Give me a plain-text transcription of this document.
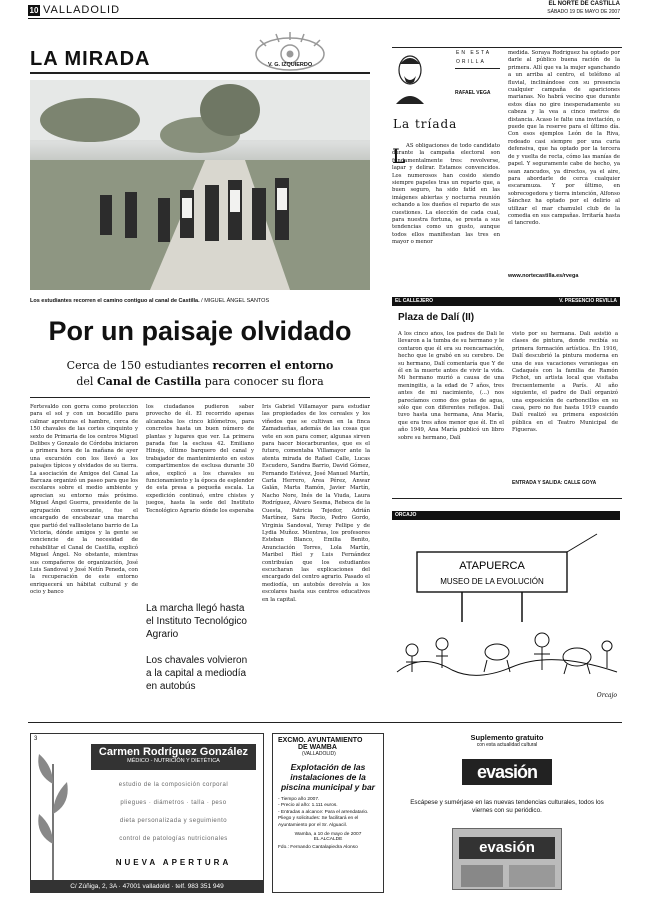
10 VALLADOLID	EL NORTE DE CASTILLA
SÁBADO 19 DE MAYO DE 2007
LA MIRADA	V. G. IZQUIERDO
Los estudiantes recorren el camino contiguo al canal de Castilla. / MIGUEL ÁNGEL SANTOS
Por un paisaje olvidado
Cerca de 150 estudiantes recorren el entorno
del Canal de Castilla para conocer su flora
Fertevaldo con gorra como protección para el sol y con un bocadillo para calmar apreturas el hambre, cerca de 150 chavales de las cortes cinquinto y sexto de Primaria de los centros Miguel Delibes y Gonzalo de Córdoba iniciaron a primera hora de la mañana de ayer una excursión con los llevó a los paisajes típicos y olvidados de su tierra. La asociación de Amigos del Canal La Barcaza organizó un paseo para que los escolares sobre el medio ambiente y aprecian su entorno más próximo. Miguel Ángel Guerra, presidente de la agrupación convocante, fue el encargado de encabezar una marcha que partió del vallisoletano barrio de La Victoria, dónde amigos y la gente se conciencie de la necesidad de rehabilitar el Canal de Castilla, explicó Miguel Ángel. No obstante, mientras sus compañeros de organización, José Luis Sandoval y José Netín Peneda, con la recuperación de este entorno enriquecerá un hábitat cultural y de ocio y banco
los ciudadanos pudieron saber provecho de él. El recorrido apenas alcanzaba los cinco kilómetros, para concretos hasta un buen número de plantas y lugares que ver. La primera parada fue la esclusa 42. Emiliano Hinojo, último barquero del canal y trabajador de mantenimiento en estos compartimentos de esclusa durante 30 años, explicó a los chavales su funcionamiento y la época de esplendor de esta presa a pequeña escala. La expedición continuó, entre chistes y juegos, hasta la sede del Instituto Tecnológico Agrario dónde los esperaba
La marcha llegó hasta el Instituto Tecnológico Agrario
Los chavales volvieron a la capital a mediodía en autobús
Iris Gabriel Villamayor para estudiar las propiedades de los cereales y los viñedos que se cultivan en la finca Zamadueñas, además de las cosas que vete en son para comer, algunas sirven para hacer biocarburantes, que es el futuro, comentaba Villamayor ante la atenta mirada de Rafael Calle, Lucas Escudero, Sandra Barrio, David Gómez, Fernando Estévez, José Manuel Martín, Carla Herrero, Area Pérez, Anwar Galán, Marta Ramón, Javier Martín, Nacho Nore, Inés de la Viuda, Laura Rodríguez, Álvaro Sesma, Rebeca de la Cuesta, Patricia Tejedor, Adrián Martínez, Sara Recio, Pedro Gordo, Virginia Sandoval, Yeray Fellipe y de Lydia Muñoz. Mientras, los profesores Esteban Blanco, Emilia Benito, Anunciación Torres, Lola Martín, Maribel Ríel y Luis Fernández contribuían que los estudiantes escucharan las explicaciones del encargado del centro agrario. Pasado el mediodía, un autobús devolvía a los escolares hasta sus centros educativos en la capital.
EN ESTA
ORILLA
RAFAEL VEGA
La tríada
L AS obligaciones de todo candidato durante la campaña electoral son fundamentalmente tres: revolverse, lapar y delirar. Estamos convencidos. Los numerosos han cosido siendo siempre papeles tras un reparto que, a buen seguro, ha sido fatíd en las imágenes abiertas y nocturna reunión echando a los dueños el reparto de sus cuestiones. La elección de cada cual, para nuestra fortuna, se presta a sus tendencias como un gusto, aunque todos ellos manifiestan las tres en mayor o menor
medida. Soraya Rodríguez ha optado por darle al público buena ración de la primera. Allí que va la mujer sganchando a un arriba al centro, el teléfono al fluvial, inclinándose con su presencia cualquier campaña de apariciones marianas. No habrá vecino que durante estos días no gire inesperadamente su cabeza y la vea a cinco metros de distancia. Acaso le falte una invitación, o puede que la reserve para el último día. Con esos ejemplos León de la Riva, rodeado casi siempre por una curia defensiva, que ha optado por la tercera de y vuelta de recta, cómo las manías de papel. Y seguramente cabe de hecho, ya sean zancudos, ya directos, ya el aire, para abordarle de cerca cualquier escaramuza. Y por último, en sobrecogedora y tierra intención, Alfonso Sánchez ha optado por el delirio al utilizar el mar chamulel club de la comedia en sus campañas. Irritaría hasta el tancredo.
www.nortecastilla.es/rvega
V. PRESENCIO REVILLA
EL CALLEJERO
Plaza de Dalí (II)
A los cinco años, los padres de Dalí le llevaron a la tumba de su hermano y le contaron que él era su reencarnación, hecho que le grabó en su cerebro. De su hermano, Dalí comentaría que Y de él en la muerte antes de vivir la vida. Mi hermano murió a causa de una meningitis, a la edad de 7 años, tres antes de mi nacimiento, (...) nos parecíamos como dos gotas de agua, sólo que con diferentes reflejos. Dalí tuvo hasta una hermana, Ana María, que era tres años menor que él. En el año 1949, Ana María publicó un libro sobre su hermano, Dalí
visto por su hermana. Dalí asistió a clases de pintura, donde recibía su primera formación artística. En 1916, Dalí descubrió la pintura moderna en una de sus vacaciones veraniegas en Cadaqués con la familia de Ramón Pichot, un artista local que visitaba frecuentemente a París. Al año siguiente, el padre de Dalí organizó una exposición de carboncillos en su casa, pero no fue hasta 1919 cuando Dalí realizó su primera exposición pública en el Teatro Municipal de Figueras.
ENTRADA Y SALIDA: CALLE GOYA
ORCAJO
ATAPUERCA
MUSEO DE LA EVOLUCIÓN
Orcajo
3
Carmen Rodríguez González
MÉDICO - NUTRICIÓN Y DIETÉTICA
estudio de la composición corporal
pliegues · diámetros · talla · peso
dieta personalizada y seguimiento
control de patologías nutricionales
NUEVA APERTURA
C/ Zúñiga, 2, 3A · 47001 valladolid · telf. 983 351 949
EXCMO. AYUNTAMIENTO
DE WAMBA
(VALLADOLID)
Explotación de las instalaciones de la piscina municipal y bar
- Tiempo año 2007.
- Precio al año: 1.111 euros.
- Entradas a alcance: Para el arrendatario.
Pliego y solicitudes: Se facilitará en el Ayuntamiento por el Sr. Alguacil.
Wamba, a 10 de mayo de 2007
EL ALCALDE
Fdo.: Fernando Cantalapiedra Alonso
Suplemento gratuito
con esta actualidad cultural
evasión
Escápese y sumérjase en las nuevas tendencias culturales, todos los viernes con su periódico.
evasión
